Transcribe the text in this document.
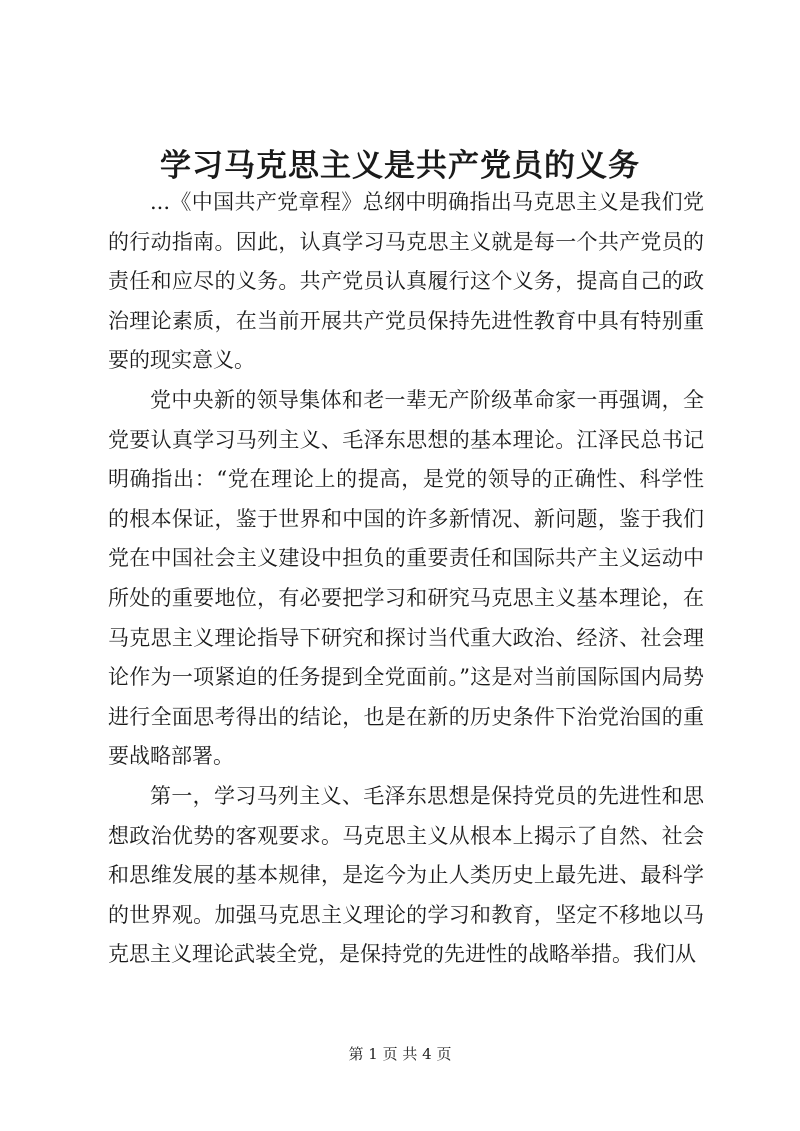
学习马克思主义是共产党员的义务

...《中国共产党章程》总纲中明确指出马克思主义是我们党的行动指南。因此，认真学习马克思主义就是每一个共产党员的责任和应尽的义务。共产党员认真履行这个义务，提高自己的政治理论素质，在当前开展共产党员保持先进性教育中具有特别重要的现实意义。

党中央新的领导集体和老一辈无产阶级革命家一再强调，全党要认真学习马列主义、毛泽东思想的基本理论。江泽民总书记明确指出：“党在理论上的提高，是党的领导的正确性、科学性的根本保证，鉴于世界和中国的许多新情况、新问题，鉴于我们党在中国社会主义建设中担负的重要责任和国际共产主义运动中所处的重要地位，有必要把学习和研究马克思主义基本理论，在马克思主义理论指导下研究和探讨当代重大政治、经济、社会理论作为一项紧迫的任务提到全党面前。”这是对当前国际国内局势进行全面思考得出的结论，也是在新的历史条件下治党治国的重要战略部署。

第一，学习马列主义、毛泽东思想是保持党员的先进性和思想政治优势的客观要求。马克思主义从根本上揭示了自然、社会和思维发展的基本规律，是迄今为止人类历史上最先进、最科学的世界观。加强马克思主义理论的学习和教育，坚定不移地以马克思主义理论武装全党，是保持党的先进性的战略举措。我们从

第 1 页 共 4 页
